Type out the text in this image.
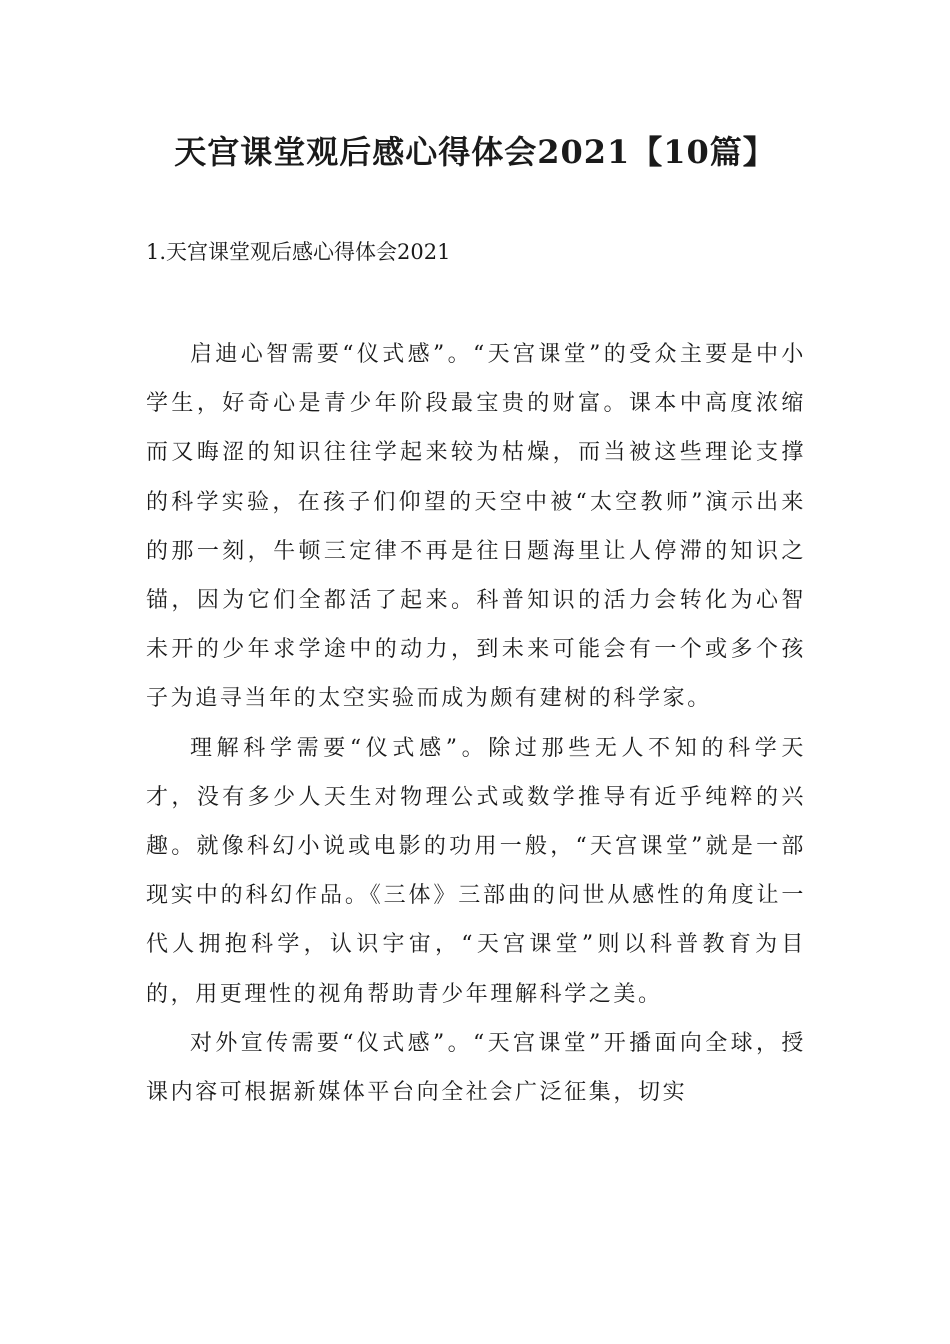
天宫课堂观后感心得体会2021【10篇】
1.天宫课堂观后感心得体会2021

启迪心智需要“仪式感”。“天宫课堂”的受众主要是中小学生，好奇心是青少年阶段最宝贵的财富。课本中高度浓缩而又晦涩的知识往往学起来较为枯燥，而当被这些理论支撑的科学实验，在孩子们仰望的天空中被“太空教师”演示出来的那一刻，牛顿三定律不再是往日题海里让人停滞的知识之锚，因为它们全都活了起来。科普知识的活力会转化为心智未开的少年求学途中的动力，到未来可能会有一个或多个孩子为追寻当年的太空实验而成为颇有建树的科学家。

理解科学需要“仪式感”。除过那些无人不知的科学天才，没有多少人天生对物理公式或数学推导有近乎纯粹的兴趣。就像科幻小说或电影的功用一般，“天宫课堂”就是一部现实中的科幻作品。《三体》三部曲的问世从感性的角度让一代人拥抱科学，认识宇宙，“天宫课堂”则以科普教育为目的，用更理性的视角帮助青少年理解科学之美。

对外宣传需要“仪式感”。“天宫课堂”开播面向全球，授课内容可根据新媒体平台向全社会广泛征集，切实
